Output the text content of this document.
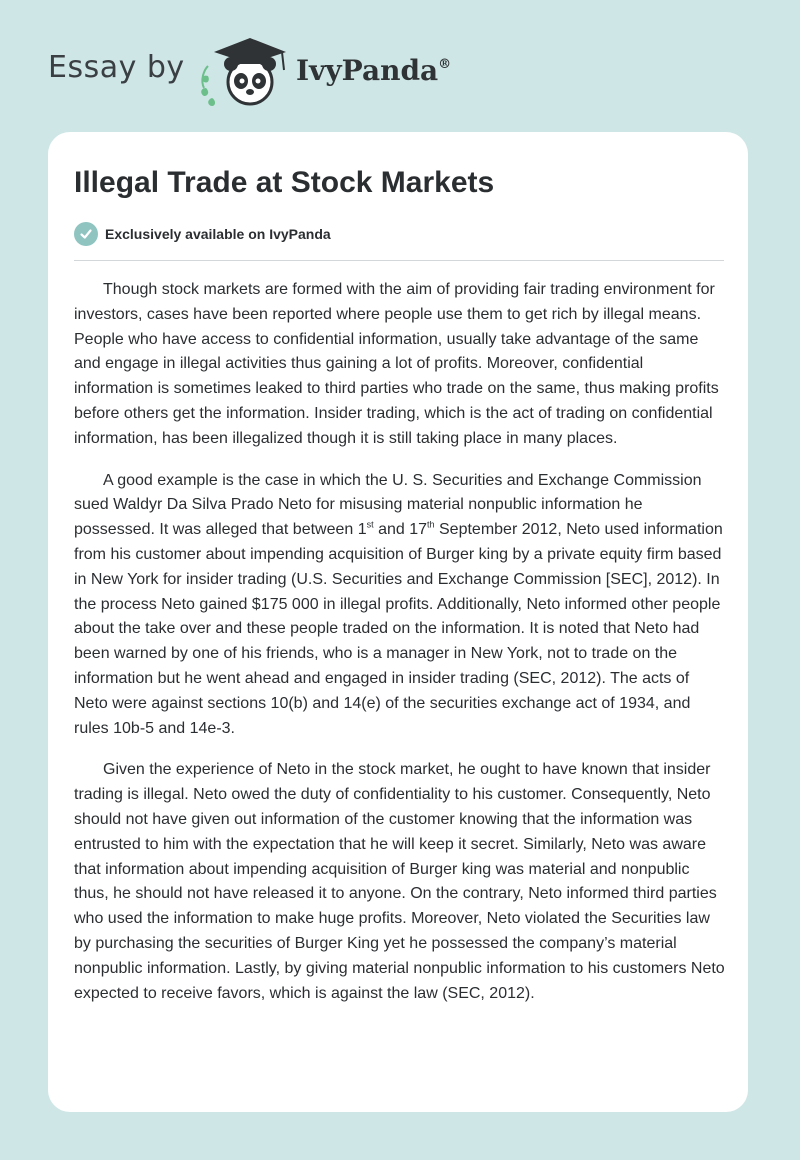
Essay by	IvyPanda®
Illegal Trade at Stock Markets
Exclusively available on IvyPanda

Though stock markets are formed with the aim of providing fair trading environment for investors, cases have been reported where people use them to get rich by illegal means. People who have access to confidential information, usually take advantage of the same and engage in illegal activities thus gaining a lot of profits. Moreover, confidential information is sometimes leaked to third parties who trade on the same, thus making profits before others get the information. Insider trading, which is the act of trading on confidential information, has been illegalized though it is still taking place in many places.

A good example is the case in which the U. S. Securities and Exchange Commission sued Waldyr Da Silva Prado Neto for misusing material nonpublic information he possessed. It was alleged that between 1st and 17th September 2012, Neto used information from his customer about impending acquisition of Burger king by a private equity firm based in New York for insider trading (U.S. Securities and Exchange Commission [SEC], 2012). In the process Neto gained $175 000 in illegal profits. Additionally, Neto informed other people about the take over and these people traded on the information. It is noted that Neto had been warned by one of his friends, who is a manager in New York, not to trade on the information but he went ahead and engaged in insider trading (SEC, 2012). The acts of Neto were against sections 10(b) and 14(e) of the securities exchange act of 1934, and rules 10b-5 and 14e-3.

Given the experience of Neto in the stock market, he ought to have known that insider trading is illegal. Neto owed the duty of confidentiality to his customer. Consequently, Neto should not have given out information of the customer knowing that the information was entrusted to him with the expectation that he will keep it secret. Similarly, Neto was aware that information about impending acquisition of Burger king was material and nonpublic thus, he should not have released it to anyone. On the contrary, Neto informed third parties who used the information to make huge profits. Moreover, Neto violated the Securities law by purchasing the securities of Burger King yet he possessed the company’s material nonpublic information. Lastly, by giving material nonpublic information to his customers Neto expected to receive favors, which is against the law (SEC, 2012).
